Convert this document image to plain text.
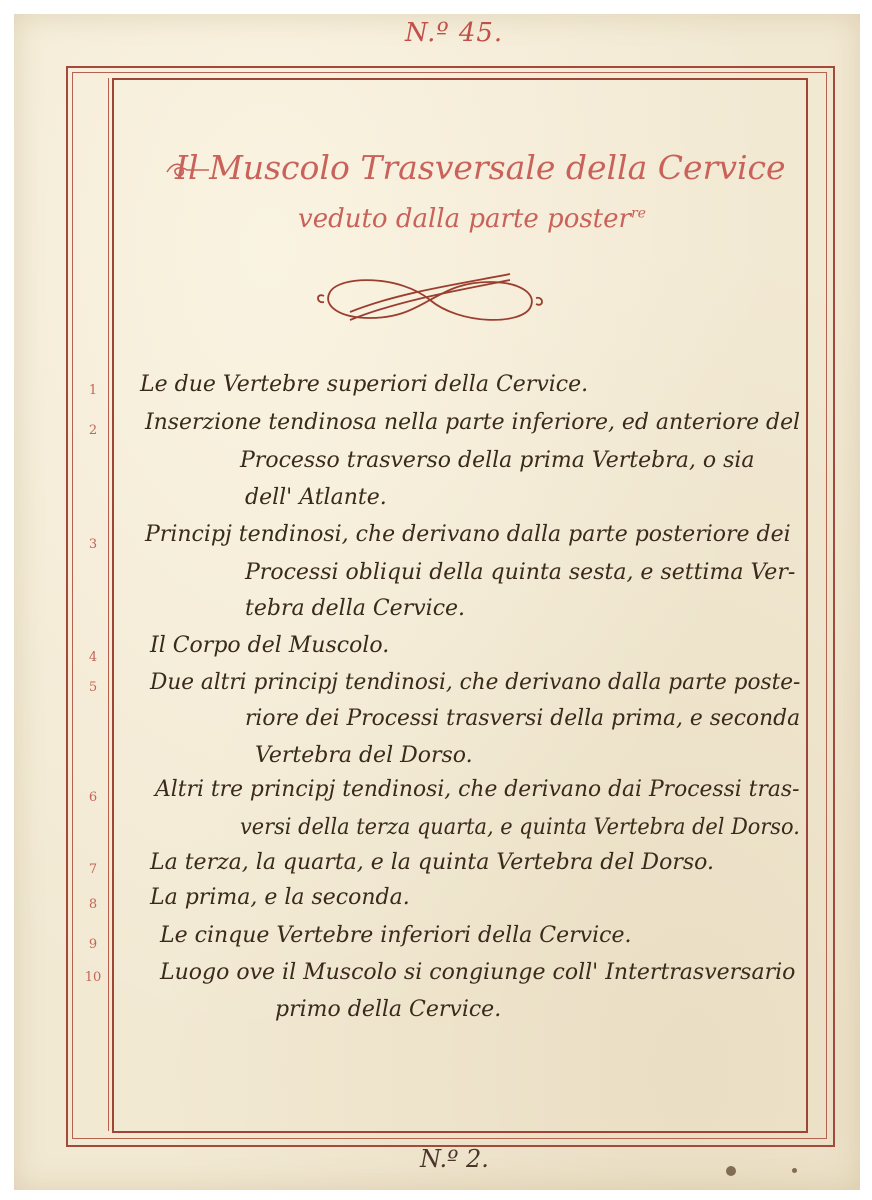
N.º 45.
Il Muscolo Trasversale della Cervice
veduto dalla parte poster$^{re}$
1	Le due Vertebre superiori della Cervice.
2	Inserzione tendinosa nella parte inferiore, ed anteriore del
Processo trasverso della prima Vertebra, o sia
dell' Atlante.
3	Principj tendinosi, che derivano dalla parte posteriore dei
Processi obliqui della quinta sesta, e settima Ver-
tebra della Cervice.
4	Il Corpo del Muscolo.
5	Due altri principj tendinosi, che derivano dalla parte poste-
riore dei Processi trasversi della prima, e seconda
Vertebra del Dorso.
6	Altri tre principj tendinosi, che derivano dai Processi tras-
versi della terza quarta, e quinta Vertebra del Dorso.
7	La terza, la quarta, e la quinta Vertebra del Dorso.
8	La prima, e la seconda.
9	Le cinque Vertebre inferiori della Cervice.
10	Luogo ove il Muscolo si congiunge coll' Intertrasversario
primo della Cervice.
N.º 2.
